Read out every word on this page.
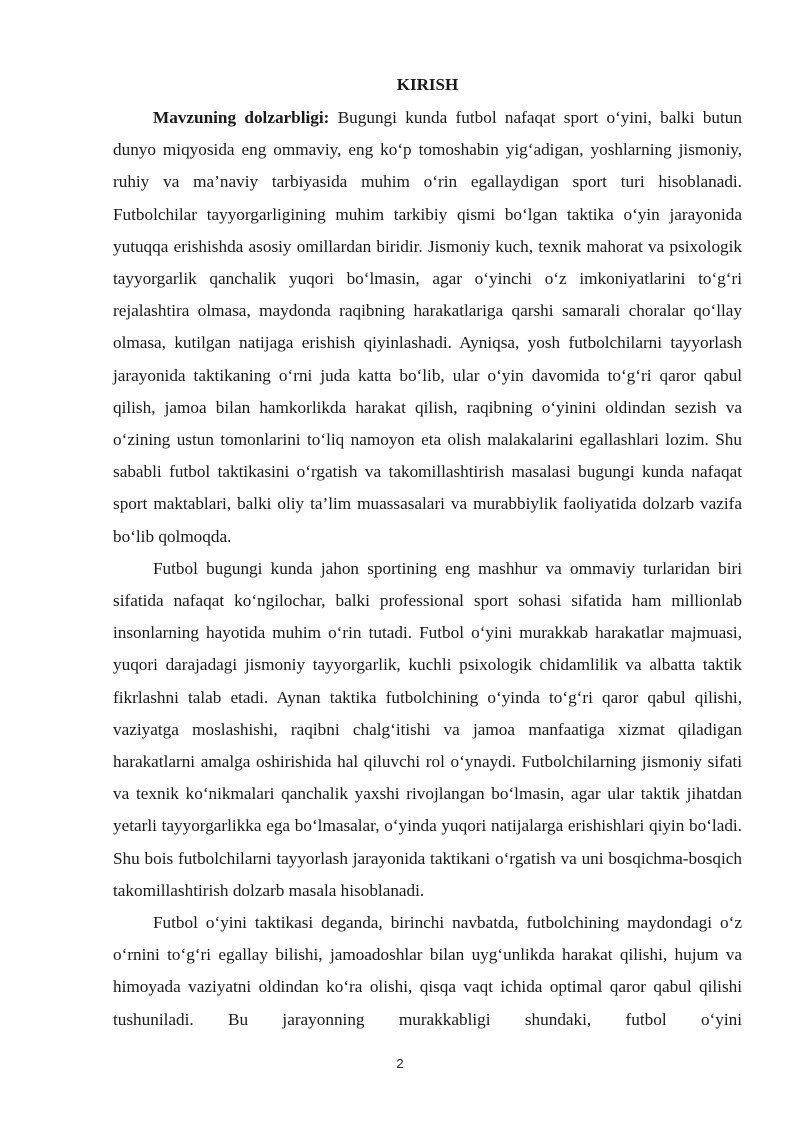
KIRISH

Mavzuning dolzarbligi: Bugungi kunda futbol nafaqat sport o‘yini, balki butun dunyo miqyosida eng ommaviy, eng ko‘p tomoshabin yig‘adigan, yoshlarning jismoniy, ruhiy va ma’naviy tarbiyasida muhim o‘rin egallaydigan sport turi hisoblanadi. Futbolchilar tayyorgarligining muhim tarkibiy qismi bo‘lgan taktika o‘yin jarayonida yutuqqa erishishda asosiy omillardan biridir. Jismoniy kuch, texnik mahorat va psixologik tayyorgarlik qanchalik yuqori bo‘lmasin, agar o‘yinchi o‘z imkoniyatlarini to‘g‘ri rejalashtira olmasa, maydonda raqibning harakatlariga qarshi samarali choralar qo‘llay olmasa, kutilgan natijaga erishish qiyinlashadi. Ayniqsa, yosh futbolchilarni tayyorlash jarayonida taktikaning o‘rni juda katta bo‘lib, ular o‘yin davomida to‘g‘ri qaror qabul qilish, jamoa bilan hamkorlikda harakat qilish, raqibning o‘yinini oldindan sezish va o‘zining ustun tomonlarini to‘liq namoyon eta olish malakalarini egallashlari lozim. Shu sababli futbol taktikasini o‘rgatish va takomillashtirish masalasi bugungi kunda nafaqat sport maktablari, balki oliy ta’lim muassasalari va murabbiylik faoliyatida dolzarb vazifa bo‘lib qolmoqda.

Futbol bugungi kunda jahon sportining eng mashhur va ommaviy turlaridan biri sifatida nafaqat ko‘ngilochar, balki professional sport sohasi sifatida ham millionlab insonlarning hayotida muhim o‘rin tutadi. Futbol o‘yini murakkab harakatlar majmuasi, yuqori darajadagi jismoniy tayyorgarlik, kuchli psixologik chidamlilik va albatta taktik fikrlashni talab etadi. Aynan taktika futbolchining o‘yinda to‘g‘ri qaror qabul qilishi, vaziyatga moslashishi, raqibni chalg‘itishi va jamoa manfaatiga xizmat qiladigan harakatlarni amalga oshirishida hal qiluvchi rol o‘ynaydi. Futbolchilarning jismoniy sifati va texnik ko‘nikmalari qanchalik yaxshi rivojlangan bo‘lmasin, agar ular taktik jihatdan yetarli tayyorgarlikka ega bo‘lmasalar, o‘yinda yuqori natijalarga erishishlari qiyin bo‘ladi. Shu bois futbolchilarni tayyorlash jarayonida taktikani o‘rgatish va uni bosqichma-bosqich takomillashtirish dolzarb masala hisoblanadi.

Futbol o‘yini taktikasi deganda, birinchi navbatda, futbolchining maydondagi o‘z o‘rnini to‘g‘ri egallay bilishi, jamoadoshlar bilan uyg‘unlikda harakat qilishi, hujum va himoyada vaziyatni oldindan ko‘ra olishi, qisqa vaqt ichida optimal qaror qabul qilishi tushuniladi. Bu jarayonning murakkabligi shundaki, futbol o‘yini

2
